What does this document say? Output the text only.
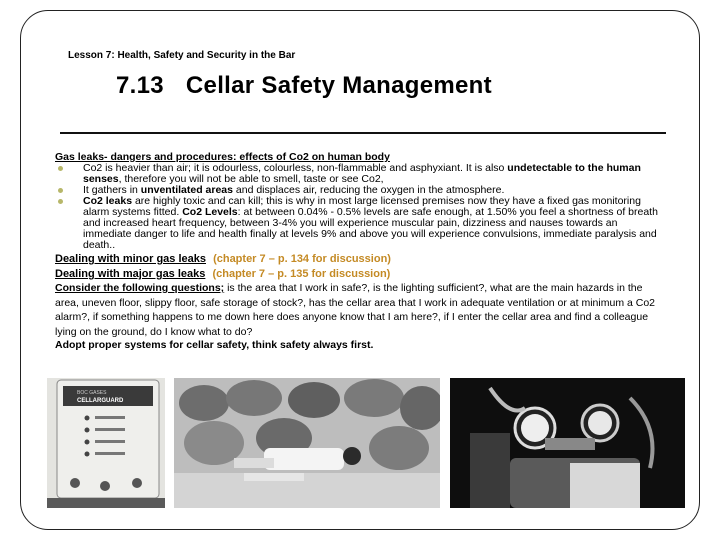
Lesson 7: Health, Safety and Security in the Bar
7.13 Cellar Safety Management
Gas leaks- dangers and procedures: effects of Co2 on human body
Co2 is heavier than air; it is odourless, colourless, non-flammable and asphyxiant. It is also undetectable to the human senses, therefore you will not be able to smell, taste or see Co2,
It gathers in unventilated areas and displaces air, reducing the oxygen in the atmosphere.
Co2 leaks are highly toxic and can kill; this is why in most large licensed premises now they have a fixed gas monitoring alarm systems fitted. Co2 Levels: at between 0.04% - 0.5% levels are safe enough, at 1.50% you feel a shortness of breath and increased heart frequency, between 3-4% you will experience muscular pain, dizziness and nauses towards an immediate danger to life and health finally at levels 9% and above you will experience convulsions, immediate paralysis and death..
Dealing with minor gas leaks (chapter 7 – p. 134 for discussion)
Dealing with major gas leaks (chapter 7 – p. 135 for discussion)
Consider the following questions; is the area that I work in safe?, is the lighting sufficient?, what are the main hazards in the area, uneven floor, slippy floor, safe storage of stock?, has the cellar area that I work in adequate ventilation or at minimum a Co2 alarm?, if something happens to me down here does anyone know that I am here?, if I enter the cellar area and find a colleague lying on the ground, do I know what to do?
Adopt proper systems for cellar safety, think safety always first.
BOC GASES
CELLARGUARD
